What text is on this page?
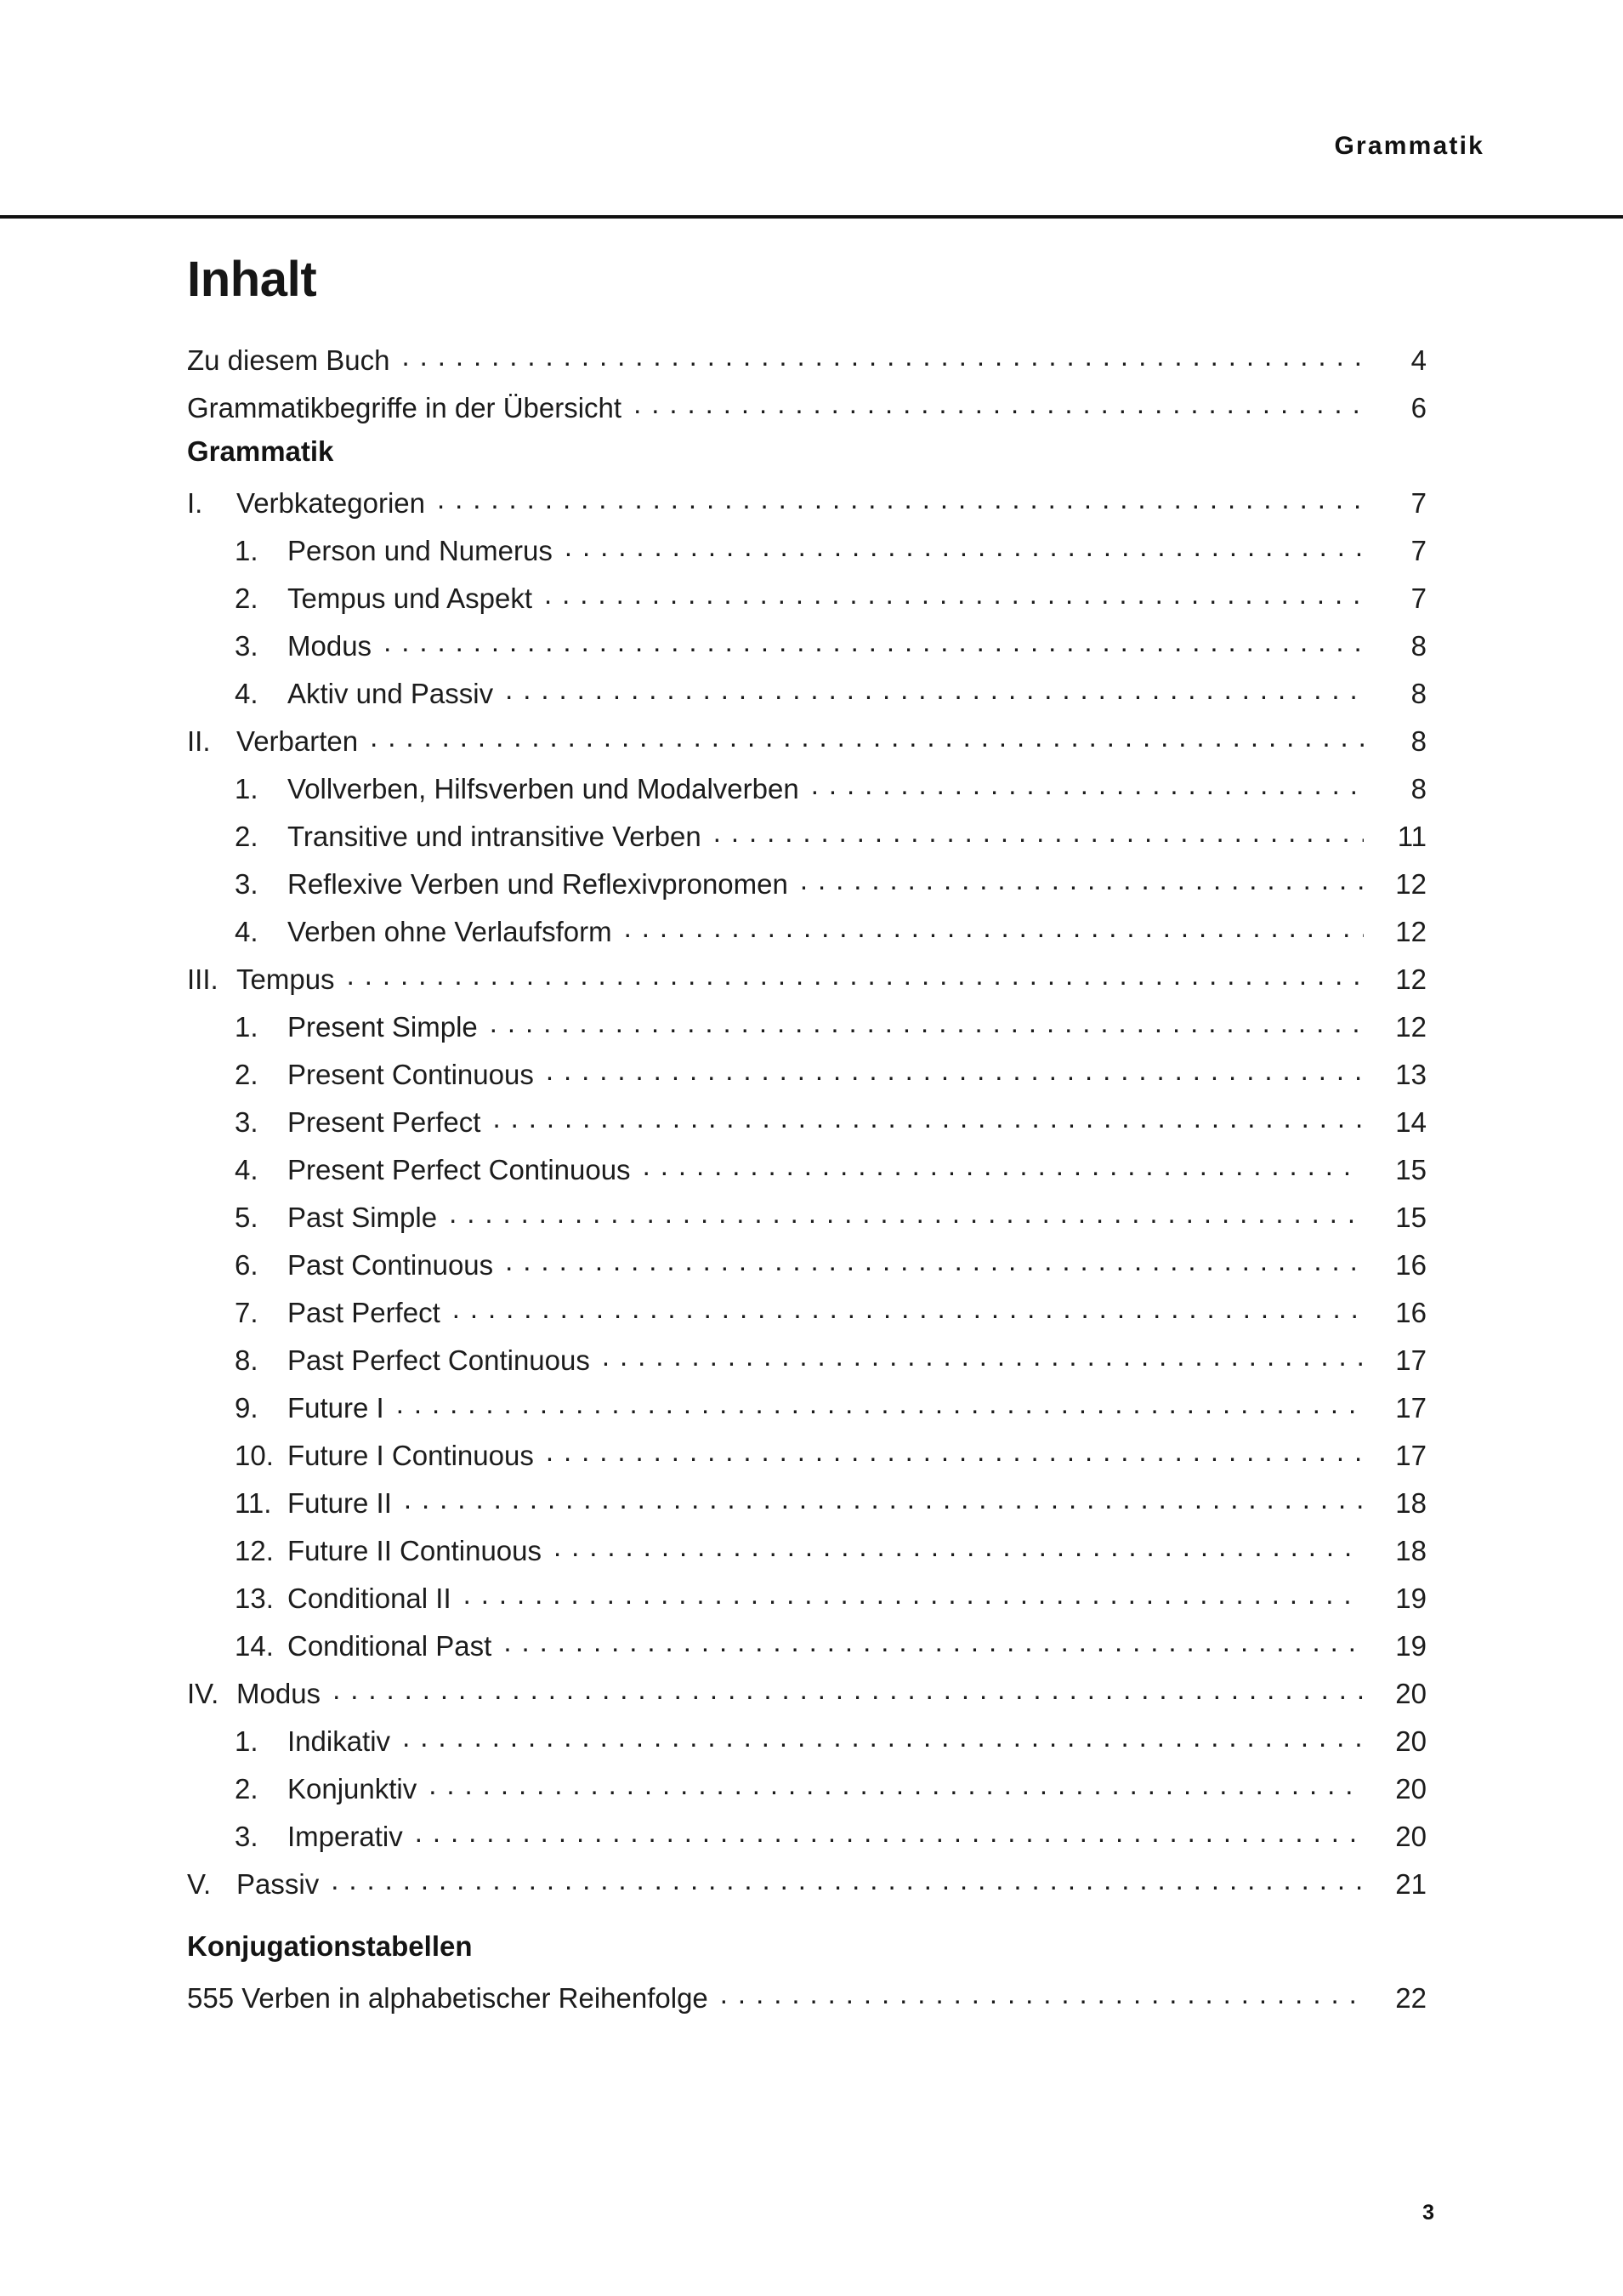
Grammatik
Inhalt
Zu diesem Buch . . .	4
Grammatikbegriffe in der Übersicht . . .	6
Grammatik
I.	Verbkategorien . . .	7
1.	Person und Numerus . . .	7
2.	Tempus und Aspekt . . .	7
3.	Modus . . .	8
4.	Aktiv und Passiv . . .	8
II. Verbarten . . .	8
1.	Vollverben, Hilfsverben und Modalverben . . .	8
2.	Transitive und intransitive Verben . . .	11
3.	Reflexive Verben und Reflexivpronomen . . .	12
4.	Verben ohne Verlaufsform . . .	12
III. Tempus . . .	12
1.	Present Simple . . .	12
2.	Present Continuous . . .	13
3.	Present Perfect . . .	14
4.	Present Perfect Continuous . . .	15
5.	Past Simple . . .	15
6.	Past Continuous . . .	16
7.	Past Perfect . . .	16
8.	Past Perfect Continuous . . .	17
9.	Future I . . .	17
10. Future I Continuous . . .	17
11. Future II . . .	18
12. Future II Continuous . . .	18
13. Conditional II . . .	19
14. Conditional Past . . .	19
IV. Modus . . .	20
1.	Indikativ . . .	20
2.	Konjunktiv . . .	20
3.	Imperativ . . .	20
V. Passiv . . .	21
Konjugationstabellen
555 Verben in alphabetischer Reihenfolge . . .	22
3
